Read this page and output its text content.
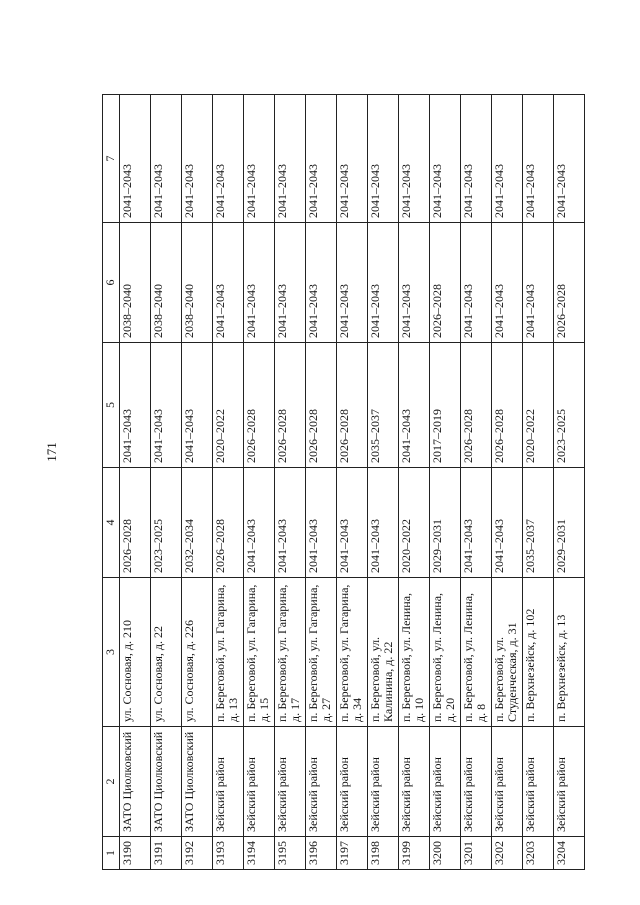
171
1	2	3	4	5	6	7
3190	ЗАТО Циолковский	ул. Сосновая, д. 210	2026–2028	2041–2043	2038–2040	2041–2043
3191	ЗАТО Циолковский	ул. Сосновая, д. 22	2023–2025	2041–2043	2038–2040	2041–2043
3192	ЗАТО Циолковский	ул. Сосновая, д. 226	2032–2034	2041–2043	2038–2040	2041–2043
3193	Зейский район	п. Береговой, ул. Гагарина, д. 13	2026–2028	2020–2022	2041–2043	2041–2043
3194	Зейский район	п. Береговой, ул. Гагарина, д. 15	2041–2043	2026–2028	2041–2043	2041–2043
3195	Зейский район	п. Береговой, ул. Гагарина, д. 17	2041–2043	2026–2028	2041–2043	2041–2043
3196	Зейский район	п. Береговой, ул. Гагарина, д. 27	2041–2043	2026–2028	2041–2043	2041–2043
3197	Зейский район	п. Береговой, ул. Гагарина, д. 34	2041–2043	2026–2028	2041–2043	2041–2043
3198	Зейский район	п. Береговой, ул. Калинина, д. 22	2041–2043	2035–2037	2041–2043	2041–2043
3199	Зейский район	п. Береговой, ул. Ленина, д. 10	2020–2022	2041–2043	2041–2043	2041–2043
3200	Зейский район	п. Береговой, ул. Ленина, д. 20	2029–2031	2017–2019	2026–2028	2041–2043
3201	Зейский район	п. Береговой, ул. Ленина, д. 8	2041–2043	2026–2028	2041–2043	2041–2043
3202	Зейский район	п. Береговой, ул. Студенческая, д. 31	2041–2043	2026–2028	2041–2043	2041–2043
3203	Зейский район	п. Верхнезейск, д. 102	2035–2037	2020–2022	2041–2043	2041–2043
3204	Зейский район	п. Верхнезейск, д. 13	2029–2031	2023–2025	2026–2028	2041–2043
